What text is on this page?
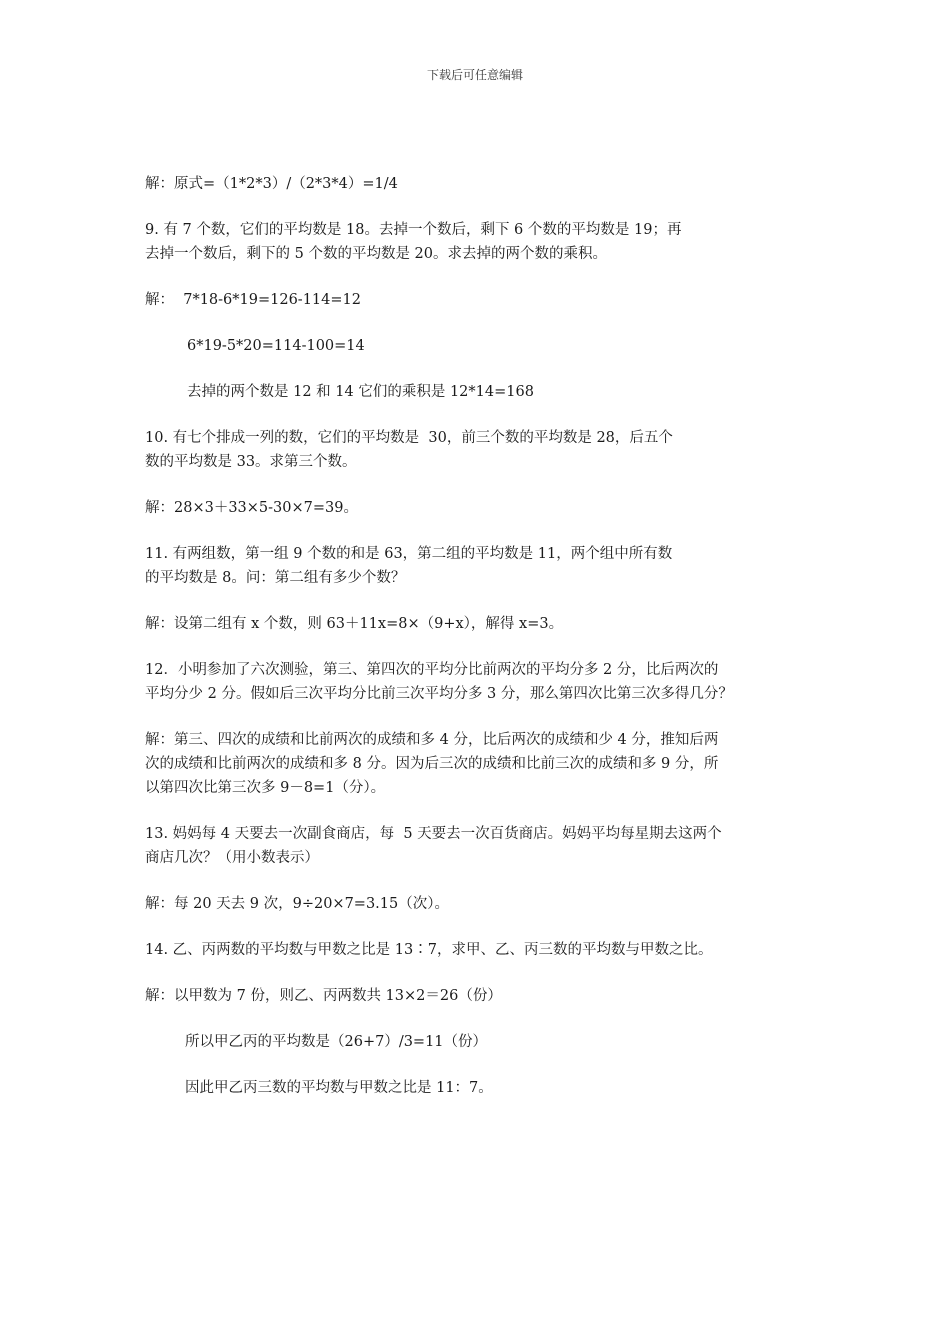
下载后可任意编辑
解：原式=（1*2*3）/（2*3*4）=1/4
9. 有 7 个数，它们的平均数是 18。去掉一个数后，剩下 6 个数的平均数是 19；再
去掉一个数后，剩下的 5 个数的平均数是 20。求去掉的两个数的乘积。
解：  7*18-6*19=126-114=12
6*19-5*20=114-100=14
去掉的两个数是 12 和 14 它们的乘积是 12*14=168
10. 有七个排成一列的数，它们的平均数是  30，前三个数的平均数是 28，后五个
数的平均数是 33。求第三个数。
解：28×3＋33×5-30×7=39。
11. 有两组数，第一组 9 个数的和是 63，第二组的平均数是 11，两个组中所有数
的平均数是 8。问：第二组有多少个数？
解：设第二组有 x 个数，则 63＋11x=8×（9+x），解得 x=3。
12．小明参加了六次测验，第三、第四次的平均分比前两次的平均分多 2 分，比后两次的
平均分少 2 分。假如后三次平均分比前三次平均分多 3 分，那么第四次比第三次多得几分？
解：第三、四次的成绩和比前两次的成绩和多 4 分，比后两次的成绩和少 4 分，推知后两
次的成绩和比前两次的成绩和多 8 分。因为后三次的成绩和比前三次的成绩和多 9 分，所
以第四次比第三次多 9－8=1（分）。
13. 妈妈每 4 天要去一次副食商店，每  5 天要去一次百货商店。妈妈平均每星期去这两个
商店几次？（用小数表示）
解：每 20 天去 9 次，9÷20×7=3.15（次）。
14. 乙、丙两数的平均数与甲数之比是 13∶7，求甲、乙、丙三数的平均数与甲数之比。
解：以甲数为 7 份，则乙、丙两数共 13×2＝26（份）
所以甲乙丙的平均数是（26+7）/3=11（份）
因此甲乙丙三数的平均数与甲数之比是 11：7。
